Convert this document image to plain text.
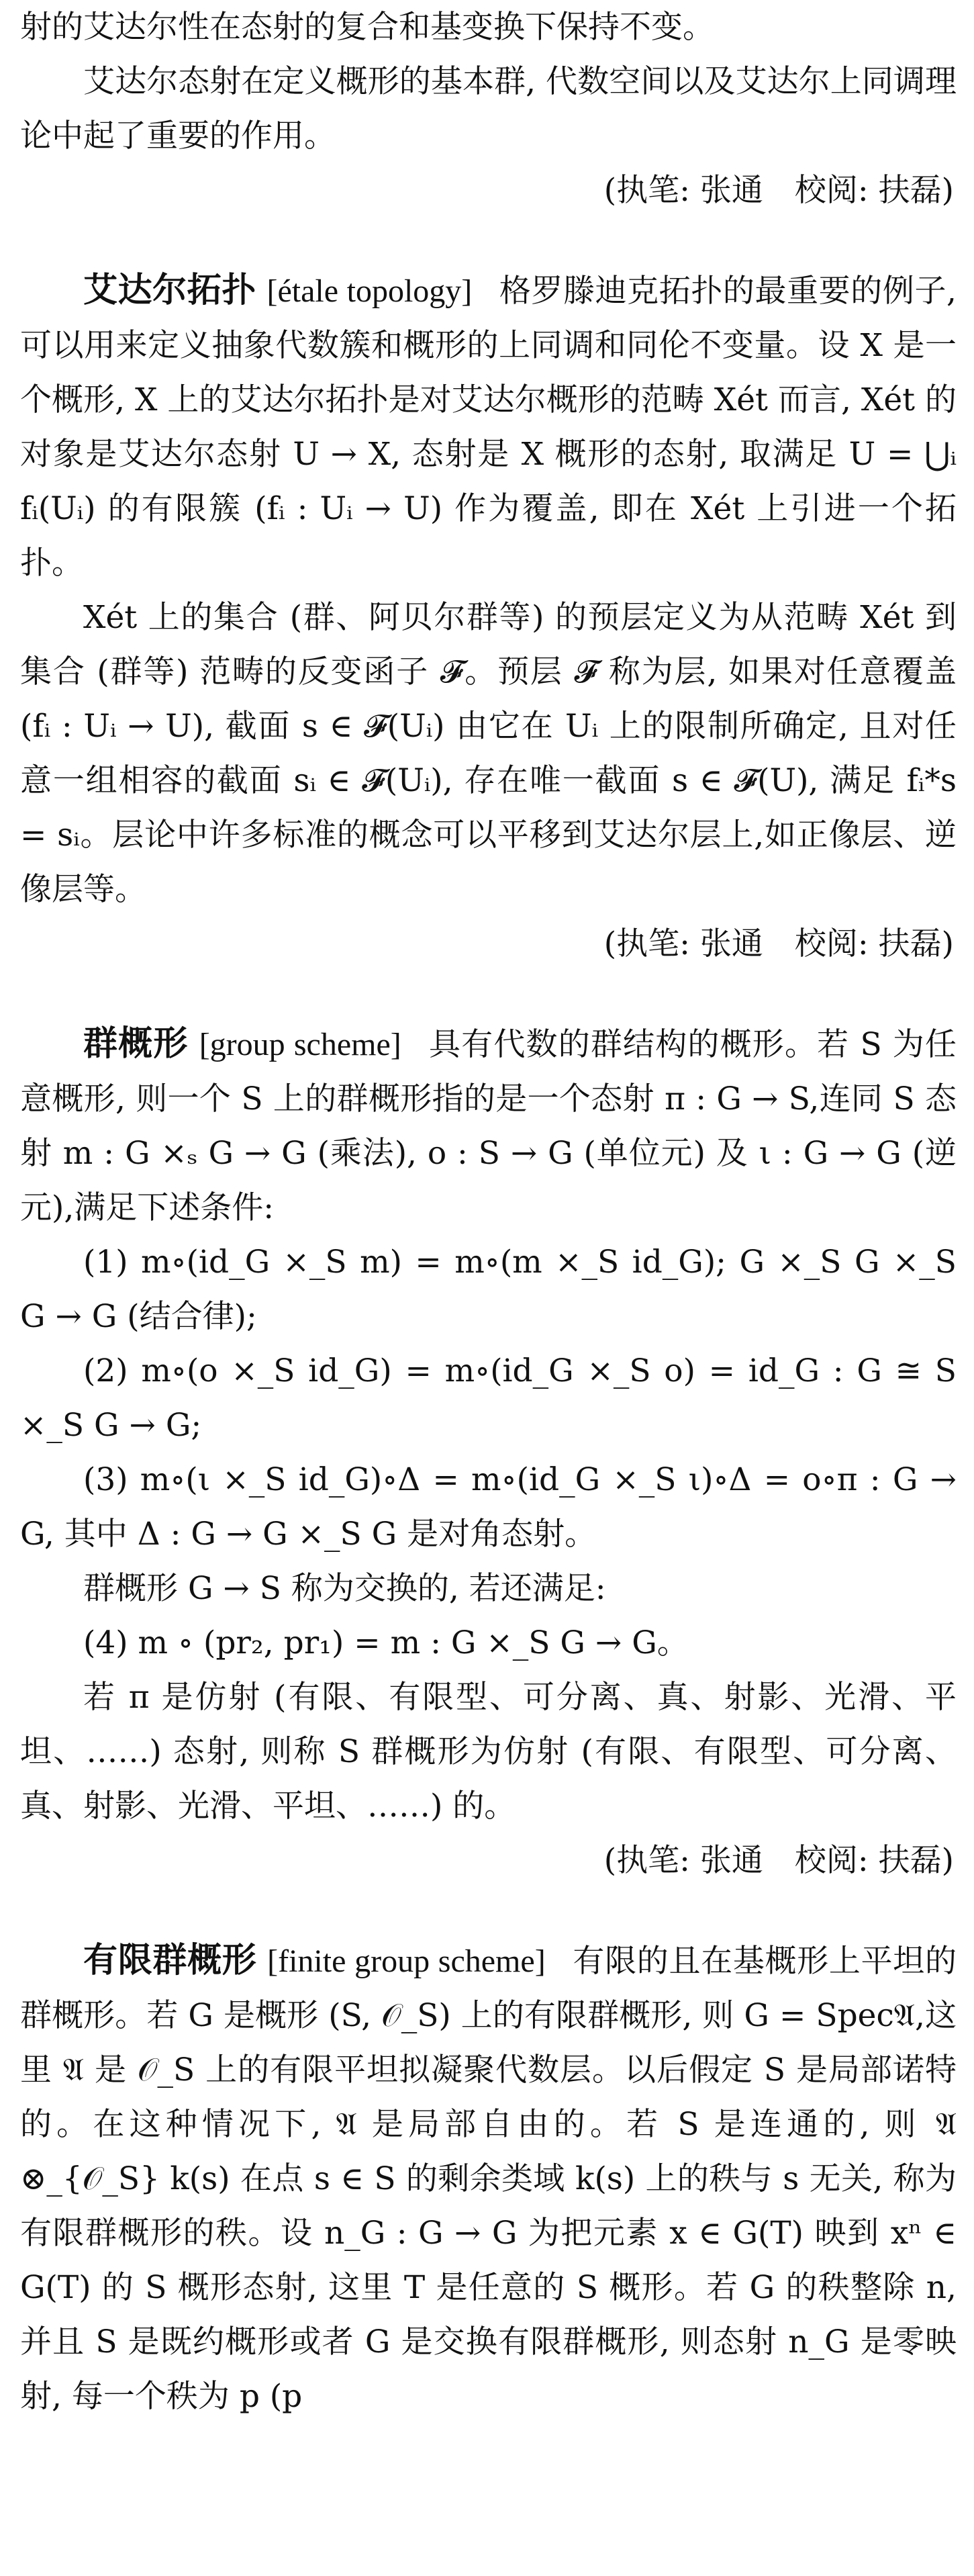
射的艾达尔性在态射的复合和基变换下保持不变。

艾达尔态射在定义概形的基本群, 代数空间以及艾达尔上同调理论中起了重要的作用。

(执笔: 张通　校阅: 扶磊)

艾达尔拓扑 [étale topology] 格罗滕迪克拓扑的最重要的例子,可以用来定义抽象代数簇和概形的上同调和同伦不变量。设 X 是一个概形, X 上的艾达尔拓扑是对艾达尔概形的范畴 Xét 而言, Xét 的对象是艾达尔态射 U → X, 态射是 X 概形的态射, 取满足 U = ⋃ᵢ fᵢ(Uᵢ) 的有限簇 (fᵢ : Uᵢ → U) 作为覆盖, 即在 Xét 上引进一个拓扑。

Xét 上的集合 (群、阿贝尔群等) 的预层定义为从范畴 Xét 到集合 (群等) 范畴的反变函子 𝓕。预层 𝓕 称为层, 如果对任意覆盖 (fᵢ : Uᵢ → U), 截面 s ∈ 𝓕(Uᵢ) 由它在 Uᵢ 上的限制所确定, 且对任意一组相容的截面 sᵢ ∈ 𝓕(Uᵢ), 存在唯一截面 s ∈ 𝓕(U), 满足 fᵢ*s = sᵢ。层论中许多标准的概念可以平移到艾达尔层上,如正像层、逆像层等。

(执笔: 张通　校阅: 扶磊)

群概形 [group scheme] 具有代数的群结构的概形。若 S 为任意概形, 则一个 S 上的群概形指的是一个态射 π : G → S,连同 S 态射 m : G ×ₛ G → G (乘法), o : S → G (单位元) 及 ι : G → G (逆元),满足下述条件:

(1) m∘(id_G ×_S m) = m∘(m ×_S id_G); G ×_S G ×_S G → G (结合律);

(2) m∘(o ×_S id_G) = m∘(id_G ×_S o) = id_G : G ≅ S ×_S G → G;

(3) m∘(ι ×_S id_G)∘Δ = m∘(id_G ×_S ι)∘Δ = o∘π : G → G, 其中 Δ : G → G ×_S G 是对角态射。

群概形 G → S 称为交换的, 若还满足:

(4) m ∘ (pr₂, pr₁) = m : G ×_S G → G。

若 π 是仿射 (有限、有限型、可分离、真、射影、光滑、平坦、……) 态射, 则称 S 群概形为仿射 (有限、有限型、可分离、真、射影、光滑、平坦、……) 的。

(执笔: 张通　校阅: 扶磊)

有限群概形 [finite group scheme] 有限的且在基概形上平坦的群概形。若 G 是概形 (S, 𝒪_S) 上的有限群概形, 则 G = Spec𝔄,这里 𝔄 是 𝒪_S 上的有限平坦拟凝聚代数层。以后假定 S 是局部诺特的。在这种情况下, 𝔄 是局部自由的。若 S 是连通的, 则 𝔄 ⊗_{𝒪_S} k(s) 在点 s ∈ S 的剩余类域 k(s) 上的秩与 s 无关, 称为有限群概形的秩。设 n_G : G → G 为把元素 x ∈ G(T) 映到 xⁿ ∈ G(T) 的 S 概形态射, 这里 T 是任意的 S 概形。若 G 的秩整除 n, 并且 S 是既约概形或者 G 是交换有限群概形, 则态射 n_G 是零映射, 每一个秩为 p (p
